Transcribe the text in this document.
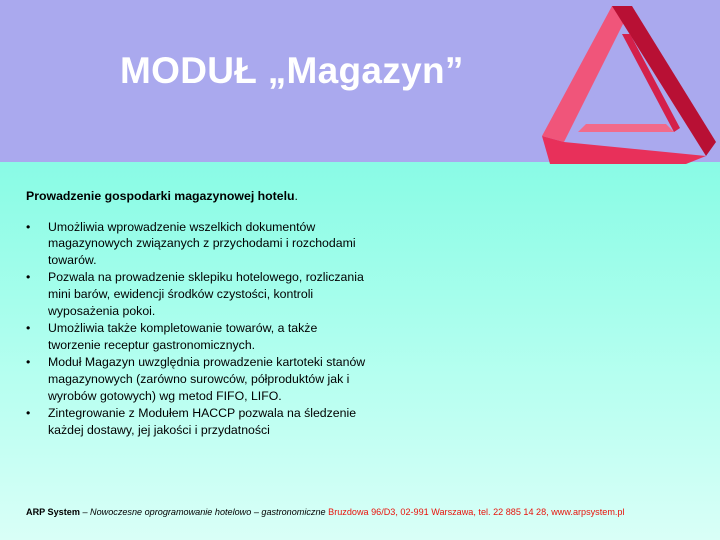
MODUŁ „Magazyn”

Prowadzenie gospodarki magazynowej hotelu.

• Umożliwia wprowadzenie wszelkich dokumentów magazynowych związanych z przychodami i rozchodami towarów.
• Pozwala na prowadzenie sklepiku hotelowego, rozliczania mini barów, ewidencji środków czystości, kontroli wyposażenia pokoi.
• Umożliwia także kompletowanie towarów, a także tworzenie receptur gastronomicznych.
• Moduł Magazyn uwzględnia prowadzenie kartoteki stanów magazynowych (zarówno surowców, półproduktów jak i wyrobów gotowych) wg metod FIFO, LIFO.
• Zintegrowanie z Modułem HACCP pozwala na śledzenie każdej dostawy, jej jakości i przydatności
ARP System – Nowoczesne oprogramowanie hotelowo – gastronomiczne Bruzdowa 96/D3, 02-991 Warszawa, tel. 22 885 14 28, www.arpsystem.pl
